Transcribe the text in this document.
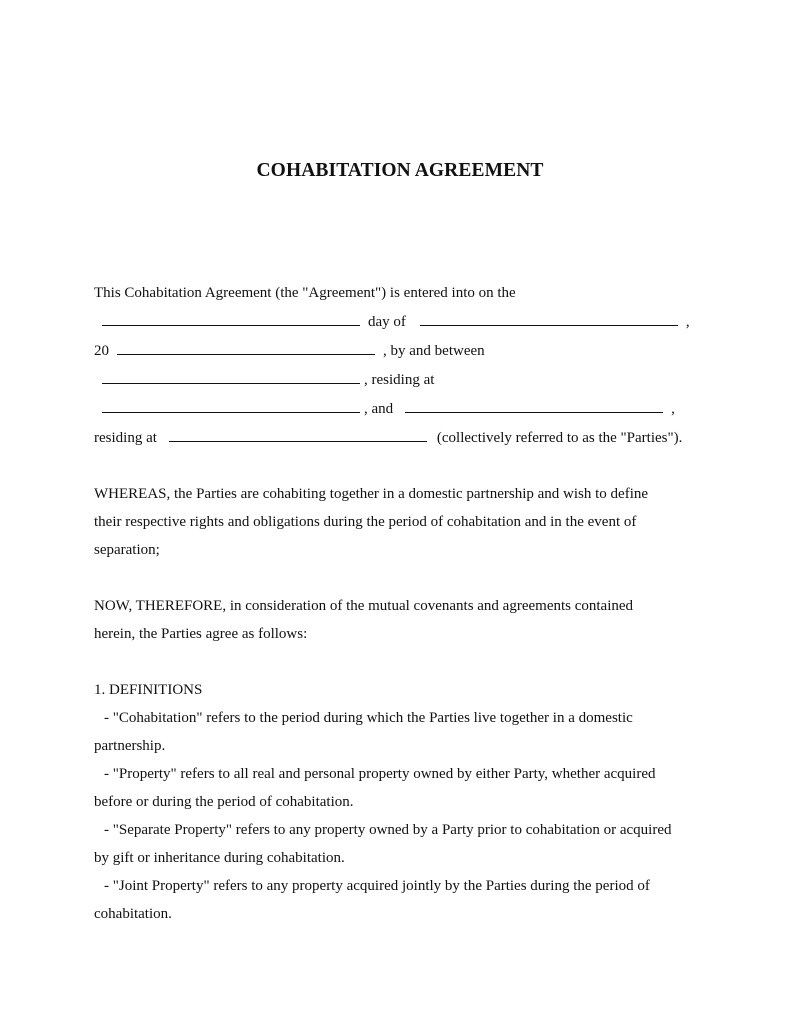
COHABITATION AGREEMENT
This Cohabitation Agreement (the "Agreement") is entered into on the
day of	,
20	, by and between
, residing at
, and	,
residing at	(collectively referred to as the "Parties").
WHEREAS, the Parties are cohabiting together in a domestic partnership and wish to define
their respective rights and obligations during the period of cohabitation and in the event of
separation;
NOW, THEREFORE, in consideration of the mutual covenants and agreements contained
herein, the Parties agree as follows:
1. DEFINITIONS
- "Cohabitation" refers to the period during which the Parties live together in a domestic
partnership.
- "Property" refers to all real and personal property owned by either Party, whether acquired
before or during the period of cohabitation.
- "Separate Property" refers to any property owned by a Party prior to cohabitation or acquired
by gift or inheritance during cohabitation.
- "Joint Property" refers to any property acquired jointly by the Parties during the period of
cohabitation.
